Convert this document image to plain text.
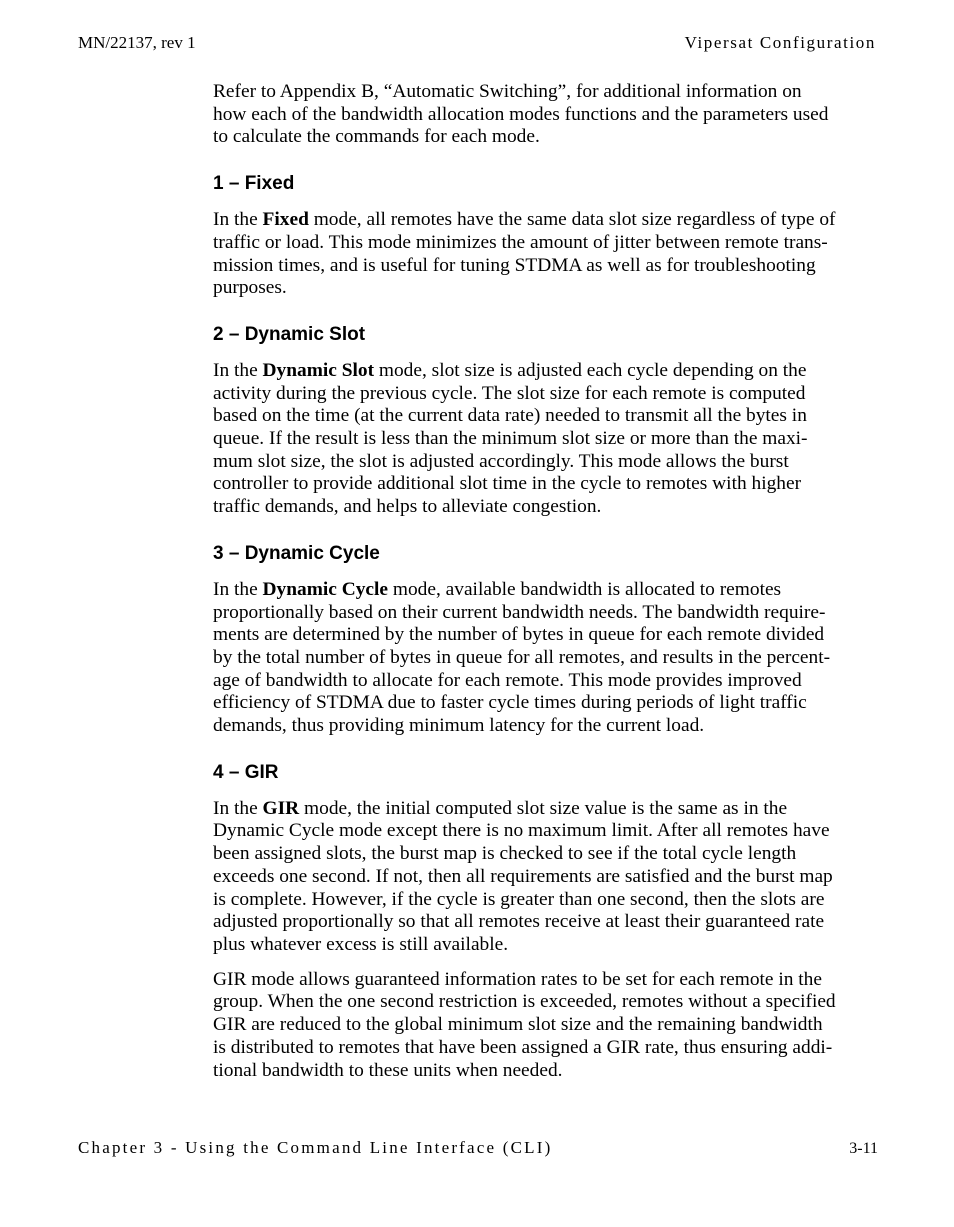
MN/22137, rev 1	Vipersat Configuration

Refer to Appendix B, “Automatic Switching”, for additional information on
how each of the bandwidth allocation modes functions and the parameters used
to calculate the commands for each mode.

1 – Fixed

In the Fixed mode, all remotes have the same data slot size regardless of type of
traffic or load. This mode minimizes the amount of jitter between remote trans-
mission times, and is useful for tuning STDMA as well as for troubleshooting
purposes.

2 – Dynamic Slot

In the Dynamic Slot mode, slot size is adjusted each cycle depending on the
activity during the previous cycle. The slot size for each remote is computed
based on the time (at the current data rate) needed to transmit all the bytes in
queue. If the result is less than the minimum slot size or more than the maxi-
mum slot size, the slot is adjusted accordingly. This mode allows the burst
controller to provide additional slot time in the cycle to remotes with higher
traffic demands, and helps to alleviate congestion.

3 – Dynamic Cycle

In the Dynamic Cycle mode, available bandwidth is allocated to remotes
proportionally based on their current bandwidth needs. The bandwidth require-
ments are determined by the number of bytes in queue for each remote divided
by the total number of bytes in queue for all remotes, and results in the percent-
age of bandwidth to allocate for each remote. This mode provides improved
efficiency of STDMA due to faster cycle times during periods of light traffic
demands, thus providing minimum latency for the current load.

4 – GIR

In the GIR mode, the initial computed slot size value is the same as in the
Dynamic Cycle mode except there is no maximum limit. After all remotes have
been assigned slots, the burst map is checked to see if the total cycle length
exceeds one second. If not, then all requirements are satisfied and the burst map
is complete. However, if the cycle is greater than one second, then the slots are
adjusted proportionally so that all remotes receive at least their guaranteed rate
plus whatever excess is still available.

GIR mode allows guaranteed information rates to be set for each remote in the
group. When the one second restriction is exceeded, remotes without a specified
GIR are reduced to the global minimum slot size and the remaining bandwidth
is distributed to remotes that have been assigned a GIR rate, thus ensuring addi-
tional bandwidth to these units when needed.

Chapter 3 - Using the Command Line Interface (CLI)	3-11
